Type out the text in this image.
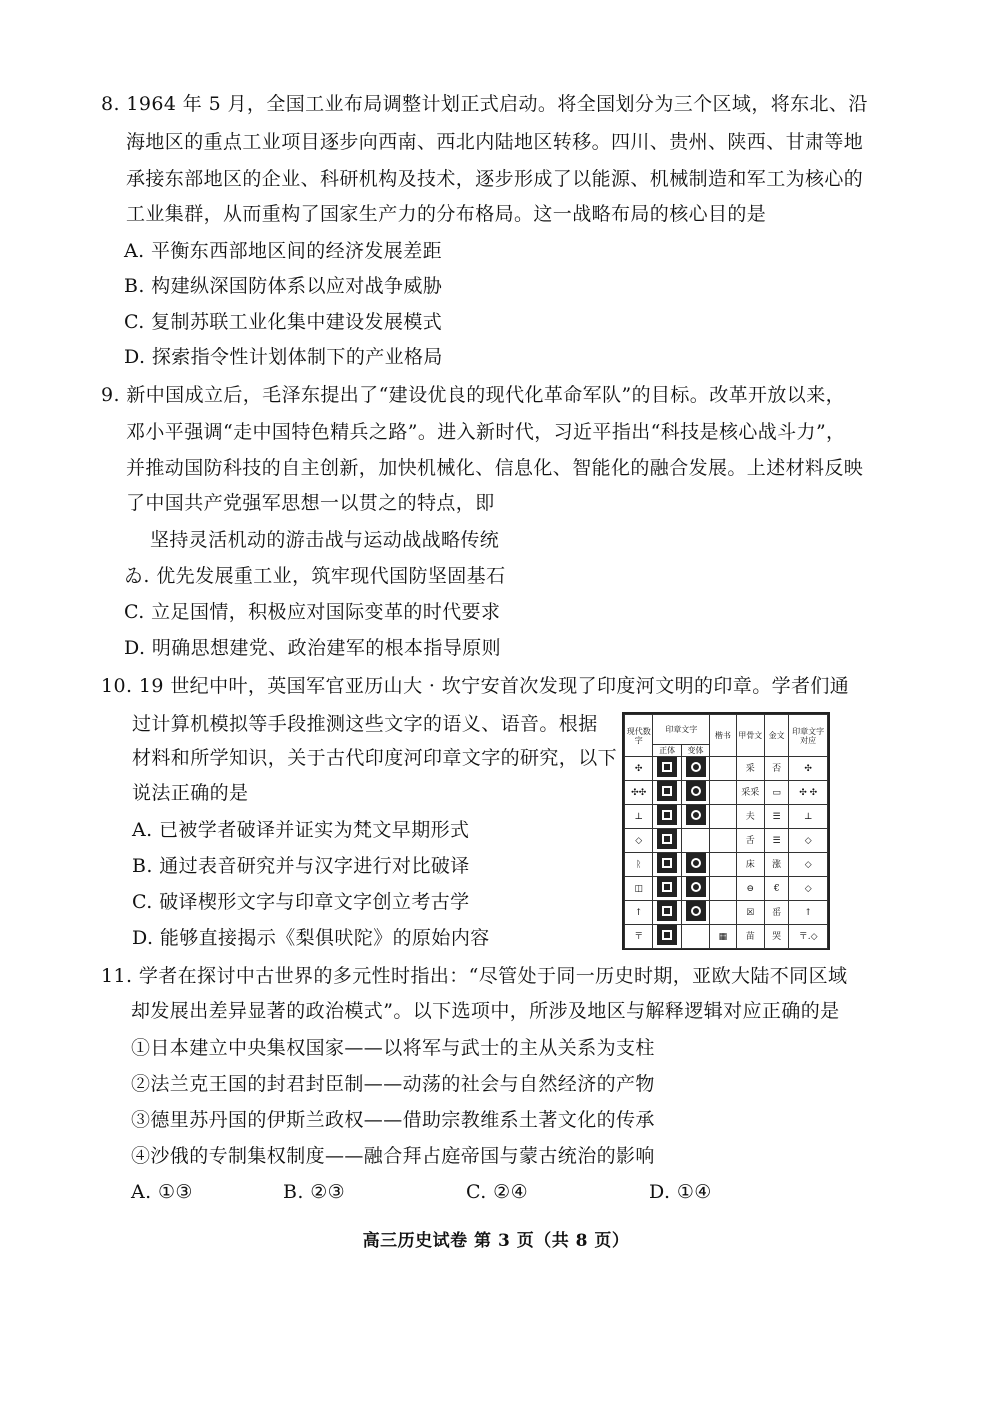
8. 1964 年 5 月，全国工业布局调整计划正式启动。将全国划分为三个区域，将东北、沿
海地区的重点工业项目逐步向西南、西北内陆地区转移。四川、贵州、陕西、甘肃等地
承接东部地区的企业、科研机构及技术，逐步形成了以能源、机械制造和军工为核心的
工业集群，从而重构了国家生产力的分布格局。这一战略布局的核心目的是
A. 平衡东西部地区间的经济发展差距
B. 构建纵深国防体系以应对战争威胁
C. 复制苏联工业化集中建设发展模式
D. 探索指令性计划体制下的产业格局
9. 新中国成立后，毛泽东提出了“建设优良的现代化革命军队”的目标。改革开放以来，
邓小平强调“走中国特色精兵之路”。进入新时代，习近平指出“科技是核心战斗力”，
并推动国防科技的自主创新，加快机械化、信息化、智能化的融合发展。上述材料反映
了中国共产党强军思想一以贯之的特点，即
坚持灵活机动的游击战与运动战战略传统
ゐ. 优先发展重工业，筑牢现代国防坚固基石
C. 立足国情，积极应对国际变革的时代要求
D. 明确思想建党、政治建军的根本指导原则
10. 19 世纪中叶，英国军官亚历山大 · 坎宁安首次发现了印度河文明的印章。学者们通
过计算机模拟等手段推测这些文字的语义、语音。根据
材料和所学知识，关于古代印度河印章文字的研究，以下
说法正确的是
A. 已被学者破译并证实为梵文早期形式
B. 通过表音研究并与汉字进行对比破译
C. 破译楔形文字与印章文字创立考古学
D. 能够直接揭示《梨俱吠陀》的原始内容
现代数字	印章文字		楷书	甲骨文	金文	印章文字对应
	正体	变体				
✣				采	否	✣
✣✣				采采	▭	✣ ✣
⊥				夫	☰	⊥
◇				舌	☰	◇
ᚱ				床	涨	◇
◫				⊖	€	◇
↑				☒	䍃	↑
〒			▦	苗	哭	〒.◇
11. 学者在探讨中古世界的多元性时指出：“尽管处于同一历史时期，亚欧大陆不同区域
却发展出差异显著的政治模式”。以下选项中，所涉及地区与解释逻辑对应正确的是
①日本建立中央集权国家——以将军与武士的主从关系为支柱
②法兰克王国的封君封臣制——动荡的社会与自然经济的产物
③德里苏丹国的伊斯兰政权——借助宗教维系土著文化的传承
④沙俄的专制集权制度——融合拜占庭帝国与蒙古统治的影响
A. ①③	B. ②③	C. ②④	D. ①④
高三历史试卷 第 3 页（共 8 页）
